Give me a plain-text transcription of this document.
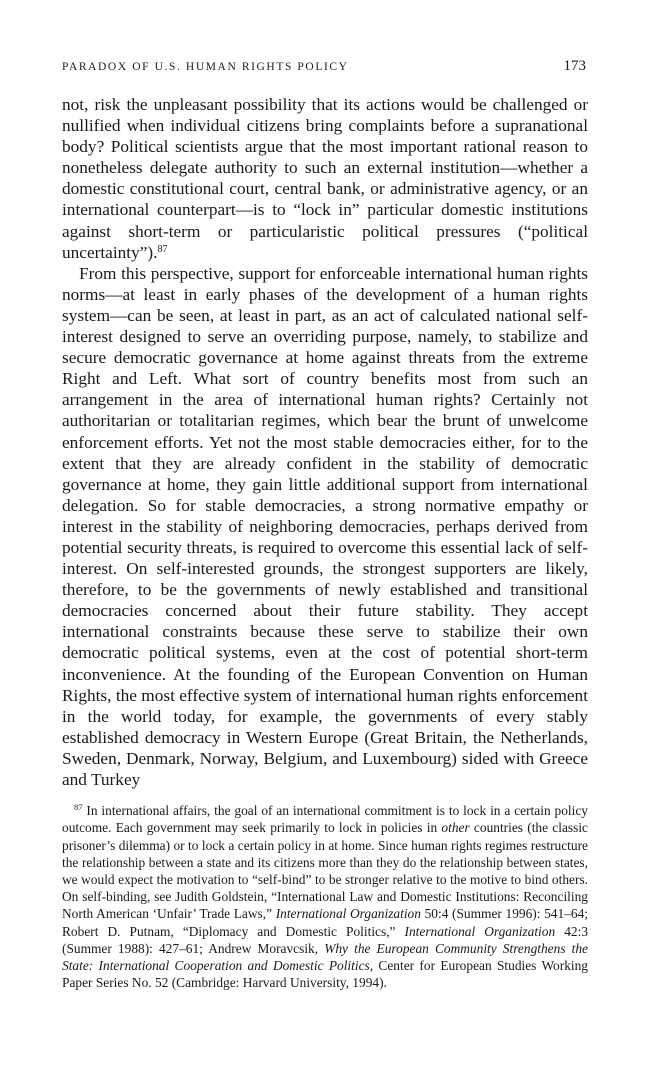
PARADOX OF U.S. HUMAN RIGHTS POLICY	173

not, risk the unpleasant possibility that its actions would be challenged or nullified when individual citizens bring complaints before a supranational body? Political scientists argue that the most important rational reason to nonetheless delegate authority to such an external institution—whether a domestic constitutional court, central bank, or administrative agency, or an international counterpart—is to “lock in” particular domestic institutions against short-term or particularistic political pressures (“political uncertainty”).$^{87}$

From this perspective, support for enforceable international human rights norms—at least in early phases of the development of a human rights system—can be seen, at least in part, as an act of calculated national self-interest designed to serve an overriding purpose, namely, to stabilize and secure democratic governance at home against threats from the extreme Right and Left. What sort of country benefits most from such an arrangement in the area of international human rights? Certainly not authoritarian or totalitarian regimes, which bear the brunt of unwelcome enforcement efforts. Yet not the most stable democracies either, for to the extent that they are already confident in the stability of democratic governance at home, they gain little additional support from international delegation. So for stable democracies, a strong normative empathy or interest in the stability of neighboring democracies, perhaps derived from potential security threats, is required to overcome this essential lack of self-interest. On self-interested grounds, the strongest supporters are likely, therefore, to be the governments of newly established and transitional democracies concerned about their future stability. They accept international constraints because these serve to stabilize their own democratic political systems, even at the cost of potential short-term inconvenience. At the founding of the European Convention on Human Rights, the most effective system of international human rights enforcement in the world today, for example, the governments of every stably established democracy in Western Europe (Great Britain, the Netherlands, Sweden, Denmark, Norway, Belgium, and Luxembourg) sided with Greece and Turkey

$^{87}$ In international affairs, the goal of an international commitment is to lock in a certain policy outcome. Each government may seek primarily to lock in policies in other countries (the classic prisoner’s dilemma) or to lock a certain policy in at home. Since human rights regimes restructure the relationship between a state and its citizens more than they do the relationship between states, we would expect the motivation to “self-bind” to be stronger relative to the motive to bind others. On self-binding, see Judith Goldstein, “International Law and Domestic Institutions: Reconciling North American ‘Unfair’ Trade Laws,” International Organization 50:4 (Summer 1996): 541–64; Robert D. Putnam, “Diplomacy and Domestic Politics,” International Organization 42:3 (Summer 1988): 427–61; Andrew Moravcsik, Why the European Community Strengthens the State: International Cooperation and Domestic Politics, Center for European Studies Working Paper Series No. 52 (Cambridge: Harvard University, 1994).
